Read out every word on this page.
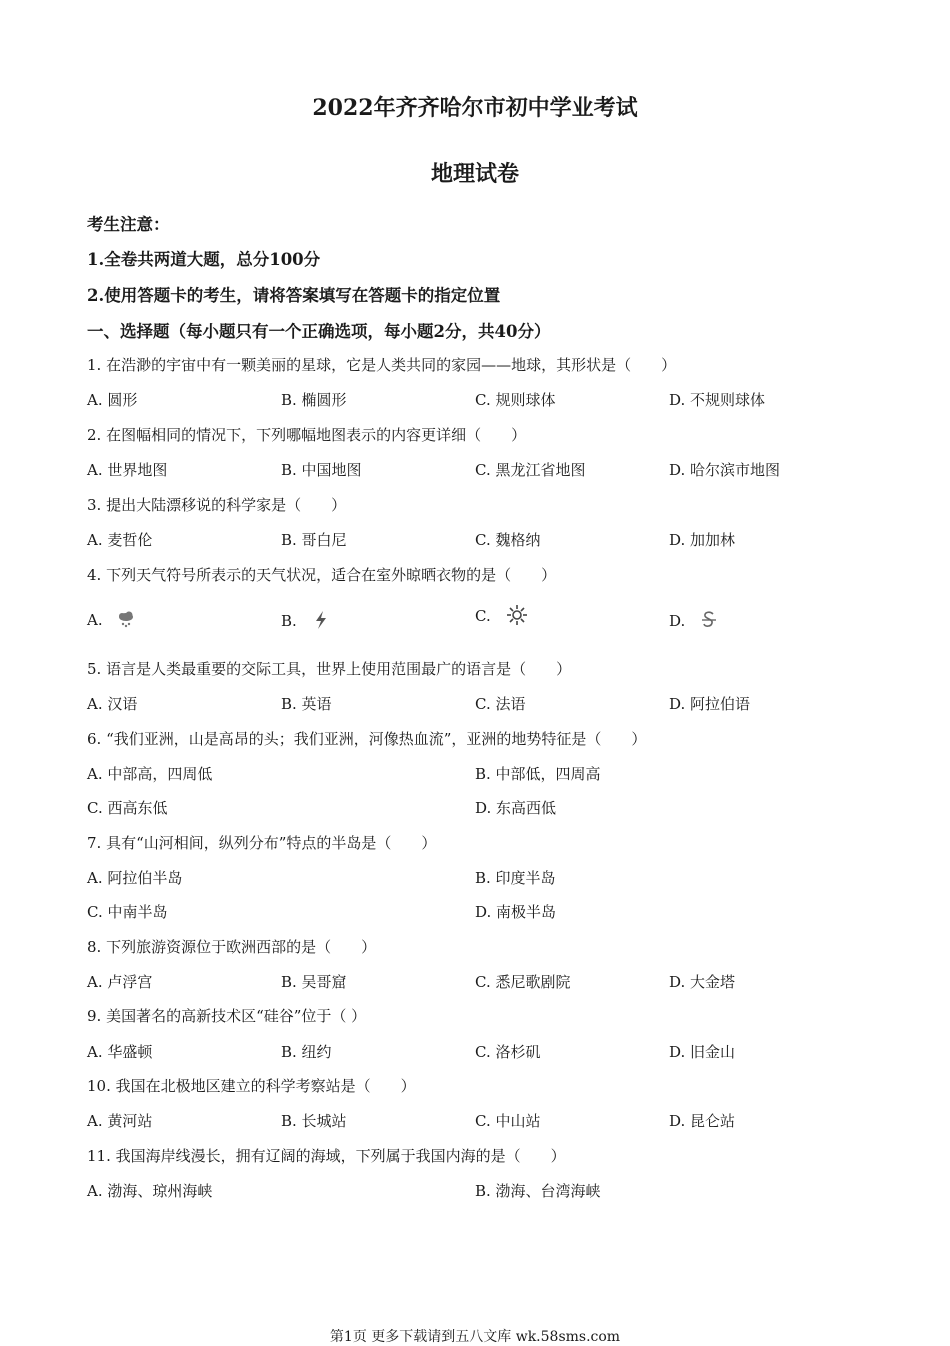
2022年齐齐哈尔市初中学业考试
地理试卷
考生注意：
1.全卷共两道大题，总分100分
2.使用答题卡的考生，请将答案填写在答题卡的指定位置
一、选择题（每小题只有一个正确选项，每小题2分，共40分）
1. 在浩渺的宇宙中有一颗美丽的星球，它是人类共同的家园——地球，其形状是（　　）
A. 圆形	B. 椭圆形	C. 规则球体	D. 不规则球体
2. 在图幅相同的情况下，下列哪幅地图表示的内容更详细（　　）
A. 世界地图	B. 中国地图	C. 黑龙江省地图	D. 哈尔滨市地图
3. 提出大陆漂移说的科学家是（　　）
A. 麦哲伦	B. 哥白尼	C. 魏格纳	D. 加加林
4. 下列天气符号所表示的天气状况，适合在室外晾晒衣物的是（　　）
A.	B.	C.	D.
5. 语言是人类最重要的交际工具，世界上使用范围最广的语言是（　　）
A. 汉语	B. 英语	C. 法语	D. 阿拉伯语
6. “我们亚洲，山是高昂的头；我们亚洲，河像热血流”，亚洲的地势特征是（　　）
A. 中部高，四周低	B. 中部低，四周高
C. 西高东低	D. 东高西低
7. 具有“山河相间，纵列分布”特点的半岛是（　　）
A. 阿拉伯半岛	B. 印度半岛
C. 中南半岛	D. 南极半岛
8. 下列旅游资源位于欧洲西部的是（　　）
A. 卢浮宫	B. 吴哥窟	C. 悉尼歌剧院	D. 大金塔
9. 美国著名的高新技术区“硅谷”位于（ ）
A. 华盛顿	B. 纽约	C. 洛杉矶	D. 旧金山
10. 我国在北极地区建立的科学考察站是（　　）
A. 黄河站	B. 长城站	C. 中山站	D. 昆仑站
11. 我国海岸线漫长，拥有辽阔的海域，下列属于我国内海的是（　　）
A. 渤海、琼州海峡	B. 渤海、台湾海峡
第1页 更多下载请到五八文库 wk.58sms.com
